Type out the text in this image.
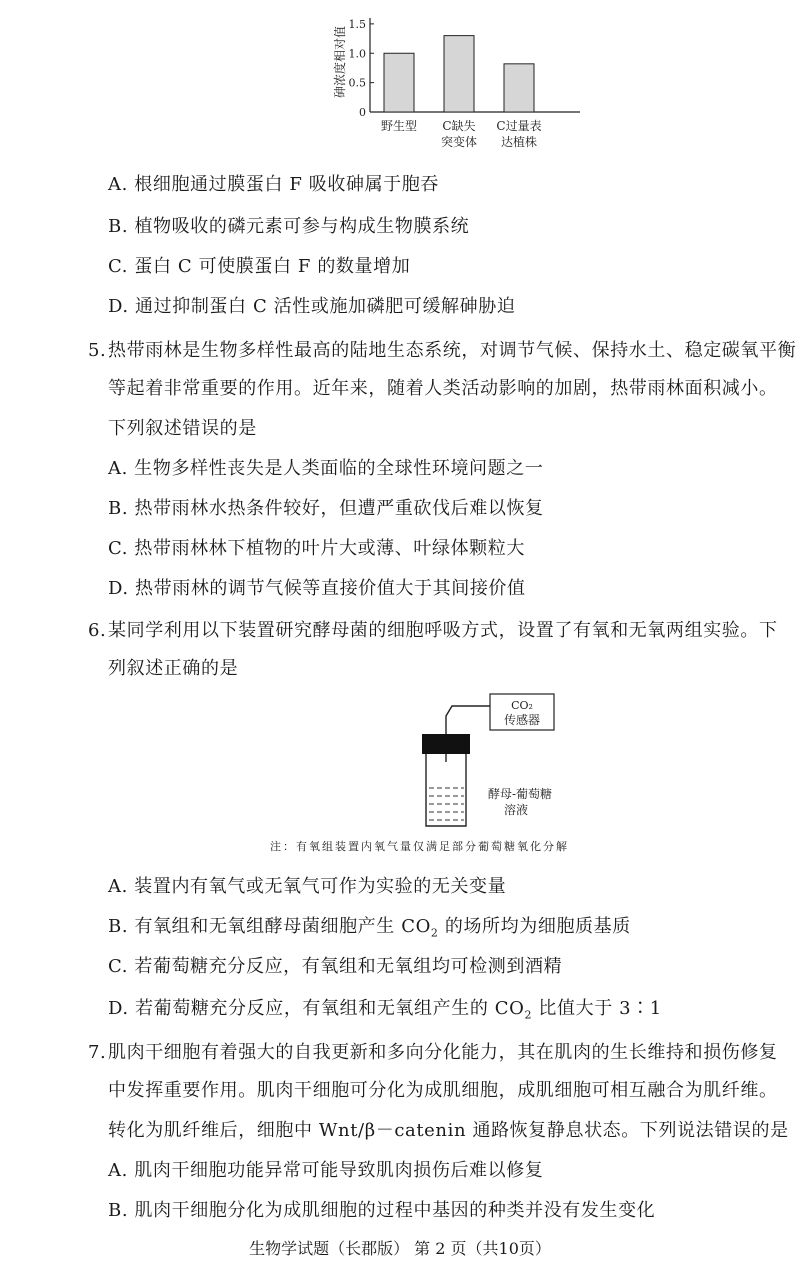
砷浓度相对值
0
0.5
1.0
1.5
野生型 C缺失
突变体
C过量表
达植株
A. 根细胞通过膜蛋白 F 吸收砷属于胞吞
B. 植物吸收的磷元素可参与构成生物膜系统
C. 蛋白 C 可使膜蛋白 F 的数量增加
D. 通过抑制蛋白 C 活性或施加磷肥可缓解砷胁迫
5. 热带雨林是生物多样性最高的陆地生态系统，对调节气候、保持水土、稳定碳氧平衡
等起着非常重要的作用。近年来，随着人类活动影响的加剧，热带雨林面积减小。
下列叙述错误的是
A. 生物多样性丧失是人类面临的全球性环境问题之一
B. 热带雨林水热条件较好，但遭严重砍伐后难以恢复
C. 热带雨林林下植物的叶片大或薄、叶绿体颗粒大
D. 热带雨林的调节气候等直接价值大于其间接价值
6. 某同学利用以下装置研究酵母菌的细胞呼吸方式，设置了有氧和无氧两组实验。下
列叙述正确的是
CO₂
传感器
酵母-葡萄糖
溶液
注：有氧组装置内氧气量仅满足部分葡萄糖氧化分解
A. 装置内有氧气或无氧气可作为实验的无关变量
B. 有氧组和无氧组酵母菌细胞产生 $CO_2$ 的场所均为细胞质基质
C. 若葡萄糖充分反应，有氧组和无氧组均可检测到酒精
D. 若葡萄糖充分反应，有氧组和无氧组产生的 $CO_2$ 比值大于 3∶1
7. 肌肉干细胞有着强大的自我更新和多向分化能力，其在肌肉的生长维持和损伤修复
中发挥重要作用。肌肉干细胞可分化为成肌细胞，成肌细胞可相互融合为肌纤维。
转化为肌纤维后，细胞中 Wnt/β－catenin 通路恢复静息状态。下列说法错误的是
A. 肌肉干细胞功能异常可能导致肌肉损伤后难以修复
B. 肌肉干细胞分化为成肌细胞的过程中基因的种类并没有发生变化
生物学试题（长郡版） 第 2 页（共10页）
